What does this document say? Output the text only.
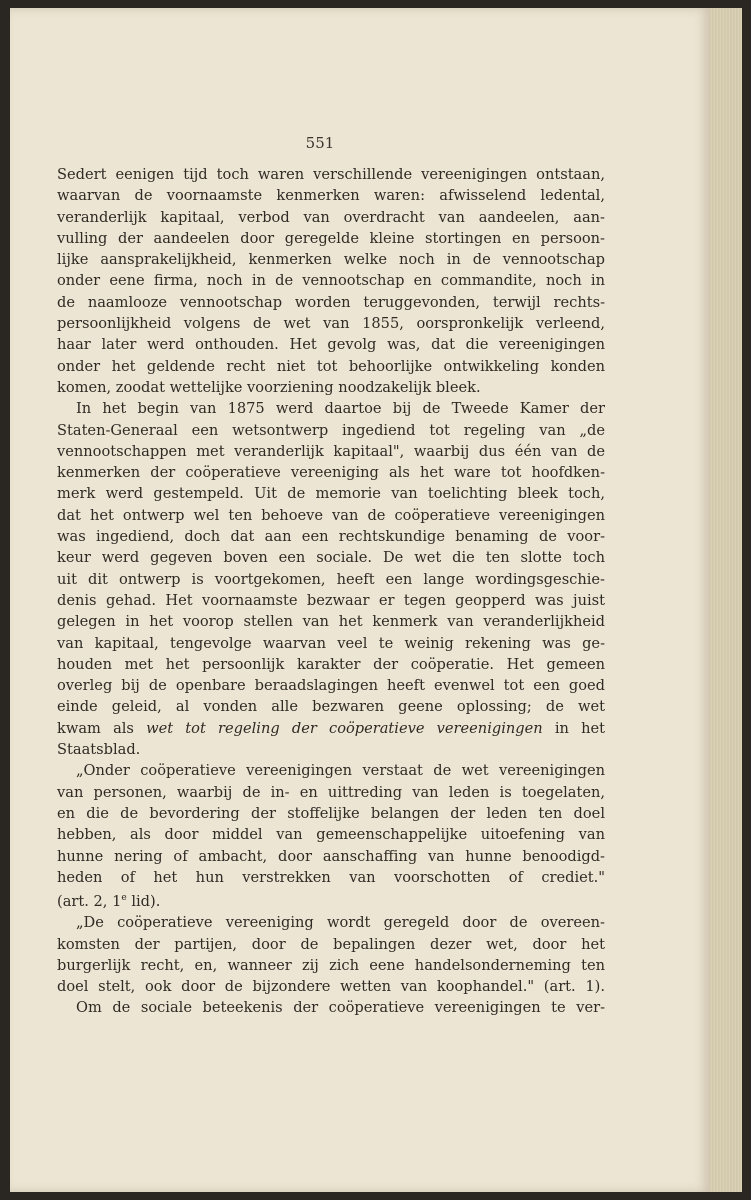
551
Sedert eenigen tijd toch waren verschillende vereenigingen ontstaan,
waarvan de voornaamste kenmerken waren: afwisselend ledental,
veranderlijk kapitaal, verbod van overdracht van aandeelen, aan-
vulling der aandeelen door geregelde kleine stortingen en persoon-
lijke aansprakelijkheid, kenmerken welke noch in de vennootschap
onder eene firma, noch in de vennootschap en commandite, noch in
de naamlooze vennootschap worden teruggevonden, terwijl rechts-
persoonlijkheid volgens de wet van 1855, oorspronkelijk verleend,
haar later werd onthouden. Het gevolg was, dat die vereenigingen
onder het geldende recht niet tot behoorlijke ontwikkeling konden
komen, zoodat wettelijke voorziening noodzakelijk bleek.
In het begin van 1875 werd daartoe bij de Tweede Kamer der
Staten-Generaal een wetsontwerp ingediend tot regeling van „de
vennootschappen met veranderlijk kapitaal", waarbij dus één van de
kenmerken der coöperatieve vereeniging als het ware tot hoofdken-
merk werd gestempeld. Uit de memorie van toelichting bleek toch,
dat het ontwerp wel ten behoeve van de coöperatieve vereenigingen
was ingediend, doch dat aan een rechtskundige benaming de voor-
keur werd gegeven boven een sociale. De wet die ten slotte toch
uit dit ontwerp is voortgekomen, heeft een lange wordingsgeschie-
denis gehad. Het voornaamste bezwaar er tegen geopperd was juist
gelegen in het voorop stellen van het kenmerk van veranderlijkheid
van kapitaal, tengevolge waarvan veel te weinig rekening was ge-
houden met het persoonlijk karakter der coöperatie. Het gemeen
overleg bij de openbare beraadslagingen heeft evenwel tot een goed
einde geleid, al vonden alle bezwaren geene oplossing; de wet
kwam als wet tot regeling der coöperatieve vereenigingen in het
Staatsblad.
„Onder coöperatieve vereenigingen verstaat de wet vereenigingen
van personen, waarbij de in- en uittreding van leden is toegelaten,
en die de bevordering der stoffelijke belangen der leden ten doel
hebben, als door middel van gemeenschappelijke uitoefening van
hunne nering of ambacht, door aanschaffing van hunne benoodigd-
heden of het hun verstrekken van voorschotten of crediet."
(art. 2, 1e lid).
„De coöperatieve vereeniging wordt geregeld door de overeen-
komsten der partijen, door de bepalingen dezer wet, door het
burgerlijk recht, en, wanneer zij zich eene handelsonderneming ten
doel stelt, ook door de bijzondere wetten van koophandel." (art. 1).
Om de sociale beteekenis der coöperatieve vereenigingen te ver-
